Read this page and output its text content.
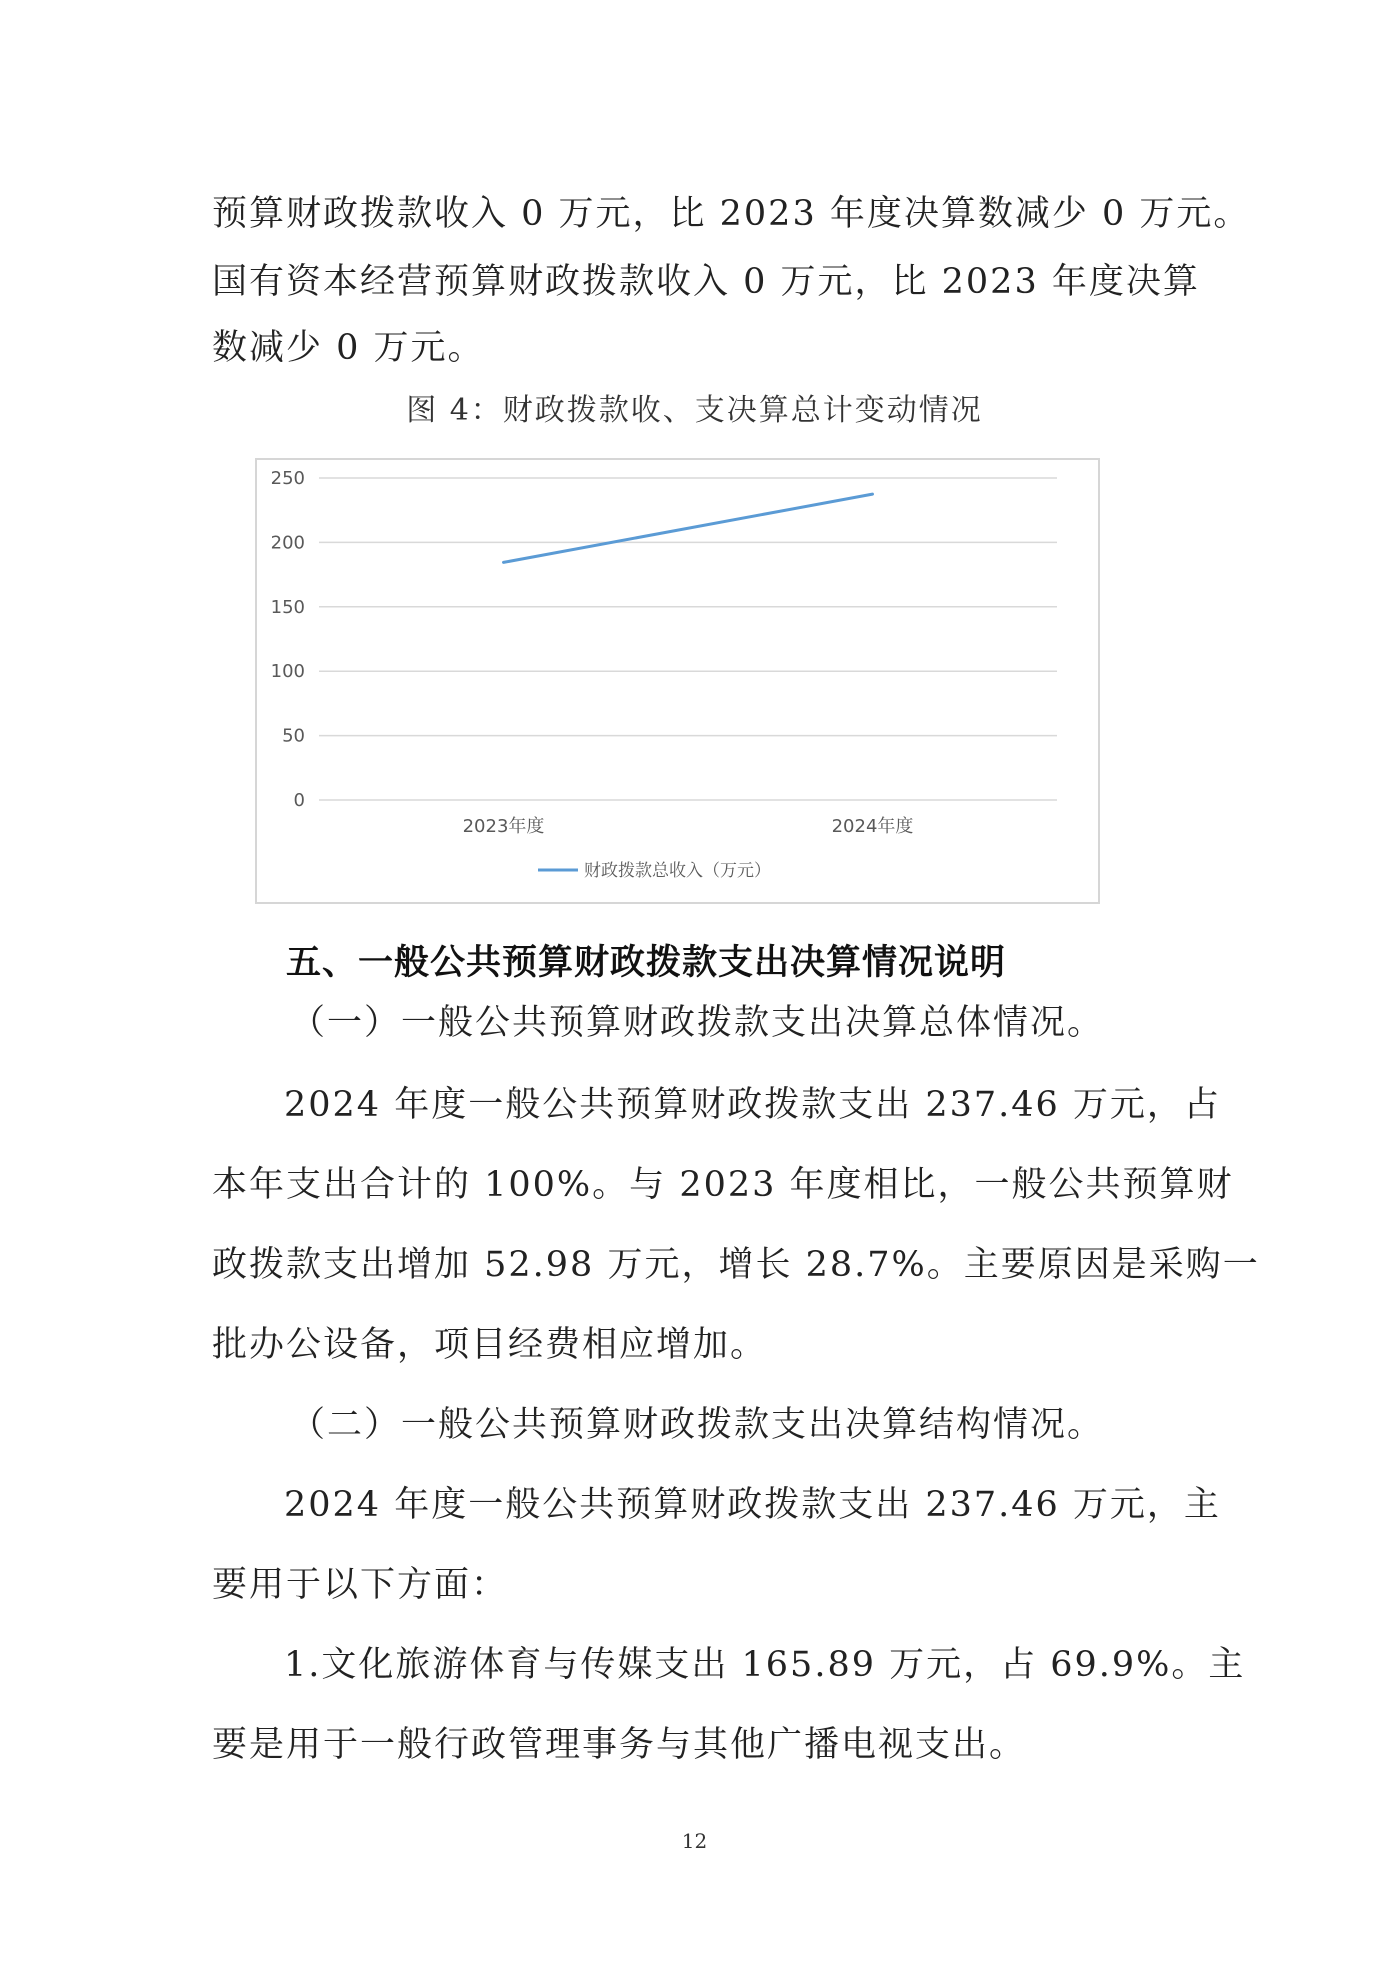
预算财政拨款收入 0 万元，比 2023 年度决算数减少 0 万元。

国有资本经营预算财政拨款收入 0 万元，比 2023 年度决算

数减少 0 万元。

图 4：财政拨款收、支决算总计变动情况
250
200
150
100
50
0
2023年度	2024年度
财政拨款总收入（万元）
五、一般公共预算财政拨款支出决算情况说明

（一）一般公共预算财政拨款支出决算总体情况。

2024 年度一般公共预算财政拨款支出 237.46 万元，占

本年支出合计的 100%。与 2023 年度相比，一般公共预算财

政拨款支出增加 52.98 万元，增长 28.7%。主要原因是采购一

批办公设备，项目经费相应增加。

（二）一般公共预算财政拨款支出决算结构情况。

2024 年度一般公共预算财政拨款支出 237.46 万元，主

要用于以下方面：

1.文化旅游体育与传媒支出 165.89 万元，占 69.9%。主

要是用于一般行政管理事务与其他广播电视支出。

12
